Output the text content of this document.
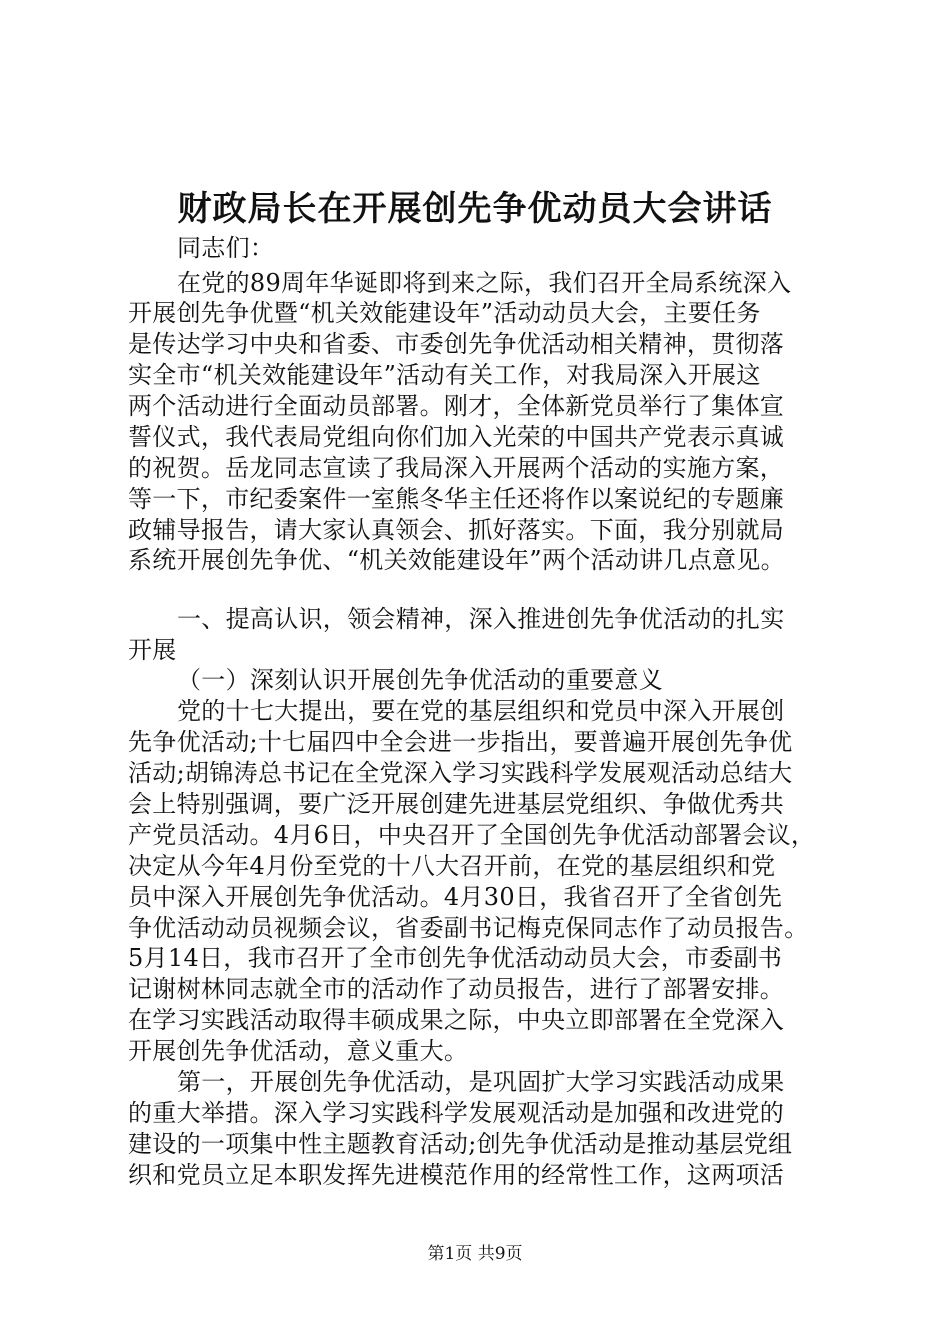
财政局长在开展创先争优动员大会讲话
同志们：
在党的89周年华诞即将到来之际，我们召开全局系统深入
开展创先争优暨“机关效能建设年”活动动员大会，主要任务
是传达学习中央和省委、市委创先争优活动相关精神，贯彻落
实全市“机关效能建设年”活动有关工作，对我局深入开展这
两个活动进行全面动员部署。刚才，全体新党员举行了集体宣
誓仪式，我代表局党组向你们加入光荣的中国共产党表示真诚
的祝贺。岳龙同志宣读了我局深入开展两个活动的实施方案，
等一下，市纪委案件一室熊冬华主任还将作以案说纪的专题廉
政辅导报告，请大家认真领会、抓好落实。下面，我分别就局
系统开展创先争优、“机关效能建设年”两个活动讲几点意见。
一、提高认识，领会精神，深入推进创先争优活动的扎实
开展
（一）深刻认识开展创先争优活动的重要意义
党的十七大提出，要在党的基层组织和党员中深入开展创
先争优活动;十七届四中全会进一步指出，要普遍开展创先争优
活动;胡锦涛总书记在全党深入学习实践科学发展观活动总结大
会上特别强调，要广泛开展创建先进基层党组织、争做优秀共
产党员活动。4月6日，中央召开了全国创先争优活动部署会议，
决定从今年4月份至党的十八大召开前，在党的基层组织和党
员中深入开展创先争优活动。4月30日，我省召开了全省创先
争优活动动员视频会议，省委副书记梅克保同志作了动员报告。
5月14日，我市召开了全市创先争优活动动员大会，市委副书
记谢树林同志就全市的活动作了动员报告，进行了部署安排。
在学习实践活动取得丰硕成果之际，中央立即部署在全党深入
开展创先争优活动，意义重大。
第一，开展创先争优活动，是巩固扩大学习实践活动成果
的重大举措。深入学习实践科学发展观活动是加强和改进党的
建设的一项集中性主题教育活动;创先争优活动是推动基层党组
织和党员立足本职发挥先进模范作用的经常性工作，这两项活
第1页 共9页
